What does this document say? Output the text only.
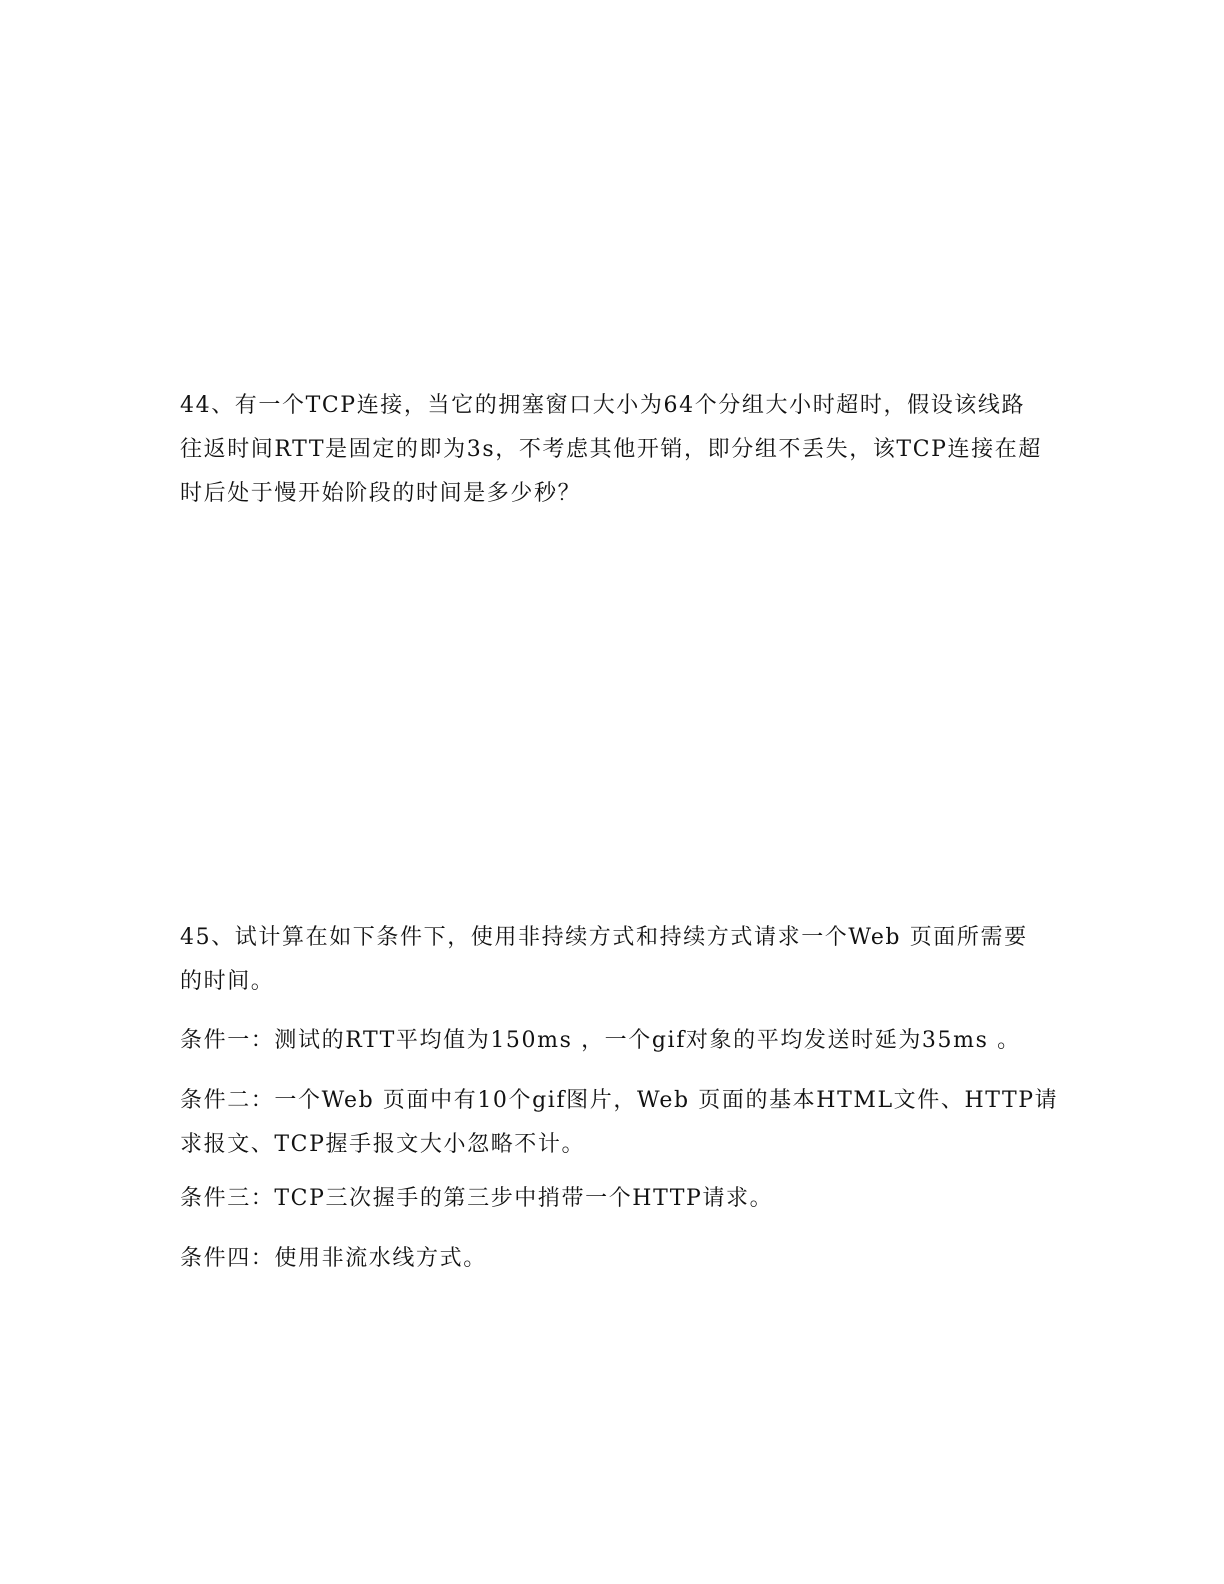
44、有一个TCP连接，当它的拥塞窗口大小为64个分组大小时超时，假设该线路
往返时间RTT是固定的即为3s，不考虑其他开销，即分组不丢失，该TCP连接在超
时后处于慢开始阶段的时间是多少秒？
45、试计算在如下条件下，使用非持续方式和持续方式请求一个Web 页面所需要
的时间。
条件一：测试的RTT平均值为150ms ，一个gif对象的平均发送时延为35ms 。
条件二：一个Web 页面中有10个gif图片，Web 页面的基本HTML文件、HTTP请
求报文、TCP握手报文大小忽略不计。
条件三：TCP三次握手的第三步中捎带一个HTTP请求。
条件四：使用非流水线方式。
